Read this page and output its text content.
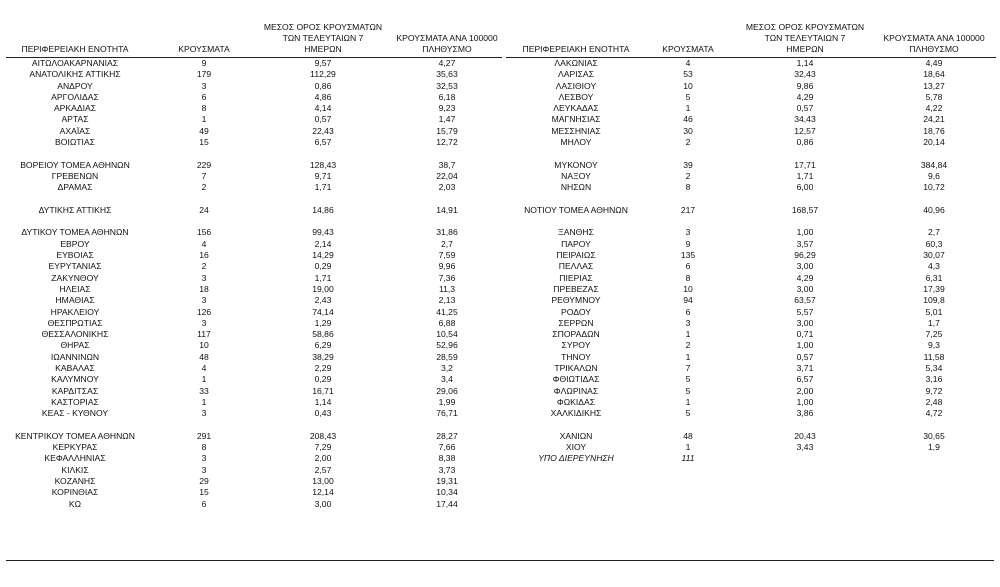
ΠΕΡΙΦΕΡΕΙΑΚΗ ΕΝΟΤΗΤΑ	ΚΡΟΥΣΜΑΤΑ
ΜΕΣΟΣ ΟΡΟΣ ΚΡΟΥΣΜΑΤΩΝ
ΤΩΝ ΤΕΛΕΥΤΑΙΩΝ 7
ΗΜΕΡΩΝ
ΚΡΟΥΣΜΑΤΑ ΑΝΑ 100000
ΠΛΗΘΥΣΜΟ
ΑΙΤΩΛΟΑΚΑΡΝΑΝΙΑΣ	9	9,57	4,27
ΑΝΑΤΟΛΙΚΗΣ ΑΤΤΙΚΗΣ	179	112,29	35,63
ΑΝΔΡΟΥ	3	0,86	32,53
ΑΡΓΟΛΙΔΑΣ	6	4,86	6,18
ΑΡΚΑΔΙΑΣ	8	4,14	9,23
ΑΡΤΑΣ	1	0,57	1,47
ΑΧΑΪΑΣ	49	22,43	15,79
ΒΟΙΩΤΙΑΣ	15	6,57	12,72
ΒΟΡΕΙΟΥ ΤΟΜΕΑ ΑΘΗΝΩΝ	229	128,43	38,7
ΓΡΕΒΕΝΩΝ	7	9,71	22,04
ΔΡΑΜΑΣ	2	1,71	2,03
ΔΥΤΙΚΗΣ ΑΤΤΙΚΗΣ	24	14,86	14,91
ΔΥΤΙΚΟΥ ΤΟΜΕΑ ΑΘΗΝΩΝ	156	99,43	31,86
ΕΒΡΟΥ	4	2,14	2,7
ΕΥΒΟΙΑΣ	16	14,29	7,59
ΕΥΡΥΤΑΝΙΑΣ	2	0,29	9,96
ΖΑΚΥΝΘΟΥ	3	1,71	7,36
ΗΛΕΙΑΣ	18	19,00	11,3
ΗΜΑΘΙΑΣ	3	2,43	2,13
ΗΡΑΚΛΕΙΟΥ	126	74,14	41,25
ΘΕΣΠΡΩΤΙΑΣ	3	1,29	6,88
ΘΕΣΣΑΛΟΝΙΚΗΣ	117	58,86	10,54
ΘΗΡΑΣ	10	6,29	52,96
ΙΩΑΝΝΙΝΩΝ	48	38,29	28,59
ΚΑΒΑΛΑΣ	4	2,29	3,2
ΚΑΛΥΜΝΟΥ	1	0,29	3,4
ΚΑΡΔΙΤΣΑΣ	33	16,71	29,06
ΚΑΣΤΟΡΙΑΣ	1	1,14	1,99
ΚΕΑΣ - ΚΥΘΝΟΥ	3	0,43	76,71
ΚΕΝΤΡΙΚΟΥ ΤΟΜΕΑ ΑΘΗΝΩΝ	291	208,43	28,27
ΚΕΡΚΥΡΑΣ	8	7,29	7,66
ΚΕΦΑΛΛΗΝΙΑΣ	3	2,00	8,38
ΚΙΛΚΙΣ	3	2,57	3,73
ΚΟΖΑΝΗΣ	29	13,00	19,31
ΚΟΡΙΝΘΙΑΣ	15	12,14	10,34
ΚΩ	6	3,00	17,44
ΠΕΡΙΦΕΡΕΙΑΚΗ ΕΝΟΤΗΤΑ	ΚΡΟΥΣΜΑΤΑ
ΜΕΣΟΣ ΟΡΟΣ ΚΡΟΥΣΜΑΤΩΝ
ΤΩΝ ΤΕΛΕΥΤΑΙΩΝ 7
ΗΜΕΡΩΝ
ΚΡΟΥΣΜΑΤΑ ΑΝΑ 100000
ΠΛΗΘΥΣΜΟ
ΛΑΚΩΝΙΑΣ	4	1,14	4,49
ΛΑΡΙΣΑΣ	53	32,43	18,64
ΛΑΣΙΘΙΟΥ	10	9,86	13,27
ΛΕΣΒΟΥ	5	4,29	5,78
ΛΕΥΚΑΔΑΣ	1	0,57	4,22
ΜΑΓΝΗΣΙΑΣ	46	34,43	24,21
ΜΕΣΣΗΝΙΑΣ	30	12,57	18,76
ΜΗΛΟΥ	2	0,86	20,14
ΜΥΚΟΝΟΥ	39	17,71	384,84
ΝΑΞΟΥ	2	1,71	9,6
ΝΗΣΩΝ	8	6,00	10,72
ΝΟΤΙΟΥ ΤΟΜΕΑ ΑΘΗΝΩΝ	217	168,57	40,96
ΞΑΝΘΗΣ	3	1,00	2,7
ΠΑΡΟΥ	9	3,57	60,3
ΠΕΙΡΑΙΩΣ	135	96,29	30,07
ΠΕΛΛΑΣ	6	3,00	4,3
ΠΙΕΡΙΑΣ	8	4,29	6,31
ΠΡΕΒΕΖΑΣ	10	3,00	17,39
ΡΕΘΥΜΝΟΥ	94	63,57	109,8
ΡΟΔΟΥ	6	5,57	5,01
ΣΕΡΡΩΝ	3	3,00	1,7
ΣΠΟΡΑΔΩΝ	1	0,71	7,25
ΣΥΡΟΥ	2	1,00	9,3
ΤΗΝΟΥ	1	0,57	11,58
ΤΡΙΚΑΛΩΝ	7	3,71	5,34
ΦΘΙΩΤΙΔΑΣ	5	6,57	3,16
ΦΛΩΡΙΝΑΣ	5	2,00	9,72
ΦΩΚΙΔΑΣ	1	1,00	2,48
ΧΑΛΚΙΔΙΚΗΣ	5	3,86	4,72
ΧΑΝΙΩΝ	48	20,43	30,65
ΧΙΟΥ	1	3,43	1,9
ΥΠΟ ΔΙΕΡΕΥΝΗΣΗ	111
